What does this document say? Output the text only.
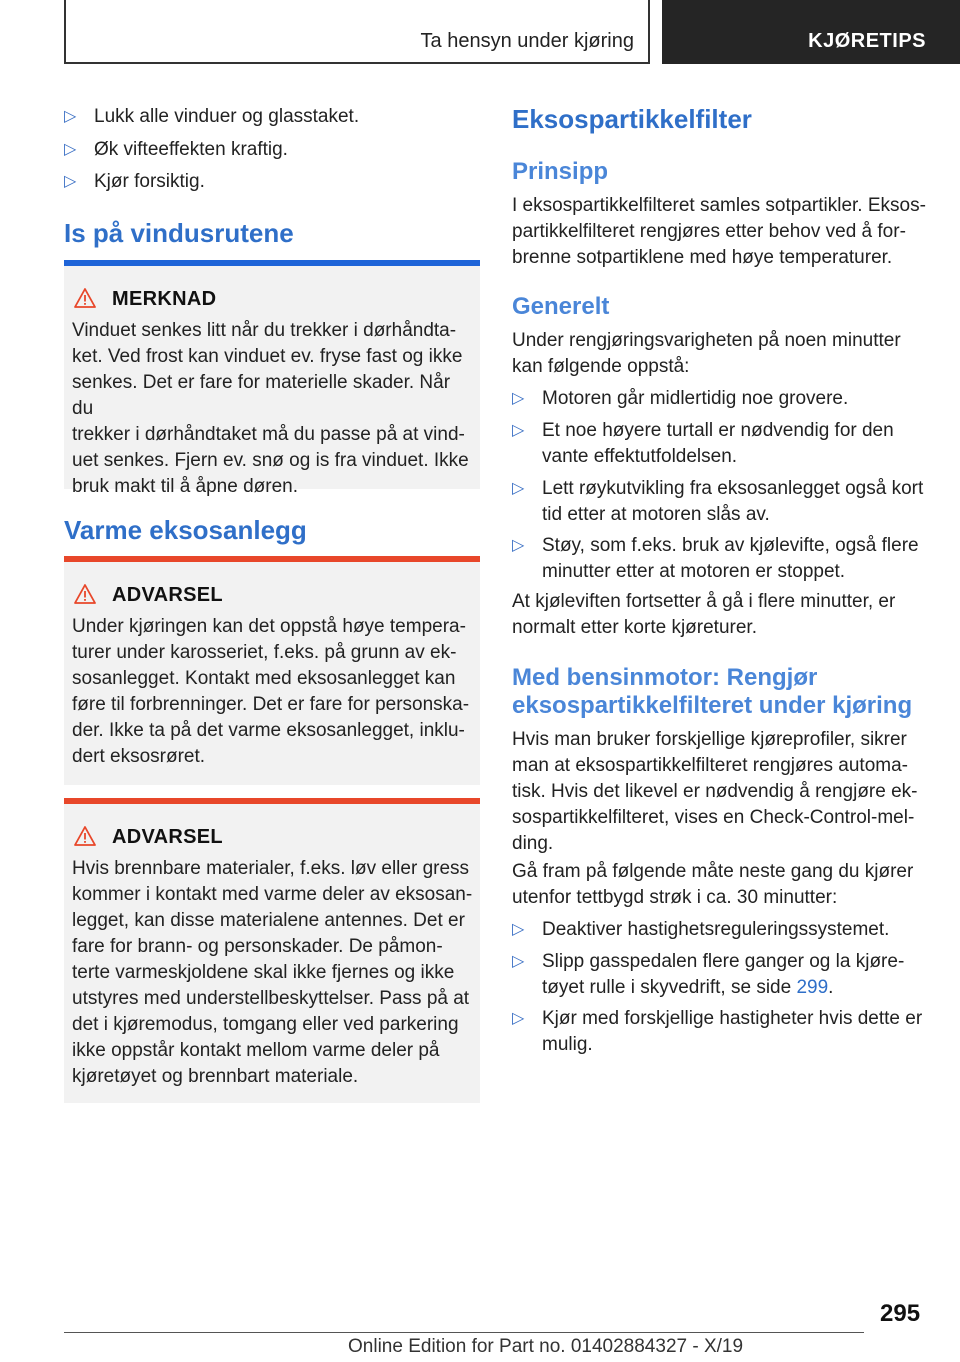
Ta hensyn under kjøring	KJØRETIPS
▷ Lukk alle vinduer og glasstaket.
▷ Øk vifteeffekten kraftig.
▷ Kjør forsiktig.
Is på vindusrutene
MERKNAD
Vinduet senkes litt når du trekker i dørhåndta-
ket. Ved frost kan vinduet ev. fryse fast og ikke
senkes. Det er fare for materielle skader. Når du
trekker i dørhåndtaket må du passe på at vind-
uet senkes. Fjern ev. snø og is fra vinduet. Ikke
bruk makt til å åpne døren.
Varme eksosanlegg
ADVARSEL
Under kjøringen kan det oppstå høye tempera-
turer under karosseriet, f.eks. på grunn av ek-
sosanlegget. Kontakt med eksosanlegget kan
føre til forbrenninger. Det er fare for personska-
der. Ikke ta på det varme eksosanlegget, inklu-
dert eksosrøret.
ADVARSEL
Hvis brennbare materialer, f.eks. løv eller gress
kommer i kontakt med varme deler av eksosan-
legget, kan disse materialene antennes. Det er
fare for brann- og personskader. De påmon-
terte varmeskjoldene skal ikke fjernes og ikke
utstyres med understellbeskyttelser. Pass på at
det i kjøremodus, tomgang eller ved parkering
ikke oppstår kontakt mellom varme deler på
kjøretøyet og brennbart materiale.
Eksospartikkelfilter
Prinsipp
I eksospartikkelfilteret samles sotpartikler. Eksos-
partikkelfilteret rengjøres etter behov ved å for-
brenne sotpartiklene med høye temperaturer.
Generelt
Under rengjøringsvarigheten på noen minutter
kan følgende oppstå:
▷ Motoren går midlertidig noe grovere.
▷ Et noe høyere turtall er nødvendig for den
vante effektutfoldelsen.
▷ Lett røykutvikling fra eksosanlegget også kort
tid etter at motoren slås av.
▷ Støy, som f.eks. bruk av kjølevifte, også flere
minutter etter at motoren er stoppet.
At kjøleviften fortsetter å gå i flere minutter, er
normalt etter korte kjøreturer.
Med bensinmotor: Rengjør
eksospartikkelfilteret under kjøring
Hvis man bruker forskjellige kjøreprofiler, sikrer
man at eksospartikkelfilteret rengjøres automa-
tisk. Hvis det likevel er nødvendig å rengjøre ek-
sospartikkelfilteret, vises en Check-Control-mel-
ding.
Gå fram på følgende måte neste gang du kjører
utenfor tettbygd strøk i ca. 30 minutter:
▷ Deaktiver hastighetsreguleringssystemet.
▷ Slipp gasspedalen flere ganger og la kjøre-
tøyet rulle i skyvedrift, se side 299.
▷ Kjør med forskjellige hastigheter hvis dette er
mulig.
295
Online Edition for Part no. 01402884327 - X/19
